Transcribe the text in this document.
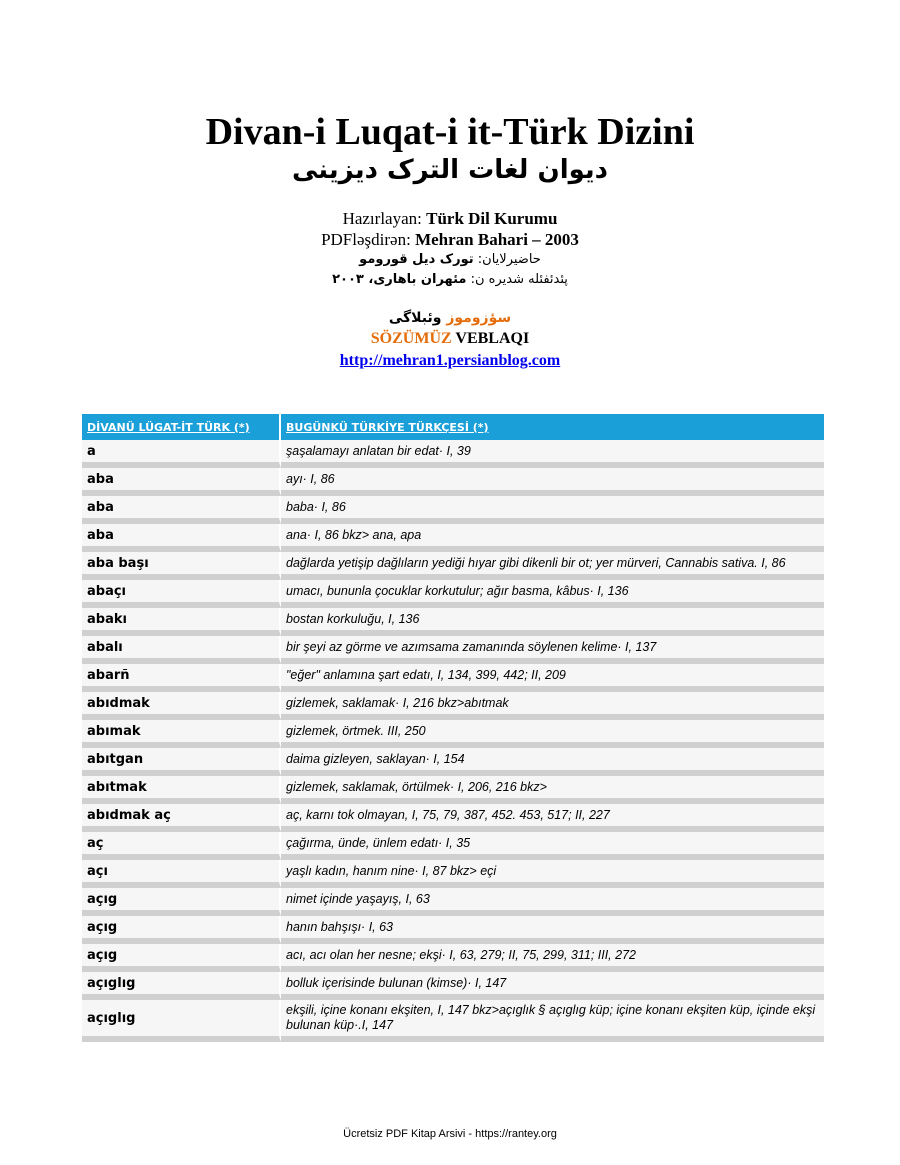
Divan-i Luqat-i it-Türk Dizini
دیوان لغات الترک دیزینی
Hazırlayan: Türk Dil Kurumu
PDFləşdirən: Mehran Bahari – 2003
حاضیرلایان: تورک دیل قورومو
پئدئفئله شدیره ن: مئهران باهاری، ۲۰۰۳
سؤزوموز وئبلاگی
SÖZÜMÜZ VEBLAQI
http://mehran1.persianblog.com
DİVANÜ LÜGAT-İT TÜRK (*)	BUGÜNKÜ TÜRKİYE TÜRKÇESİ (*)
a	şaşalamayı anlatan bir edat· I, 39
aba	ayı· I, 86
aba	baba· I, 86
aba	ana· I, 86 bkz> ana, apa
aba başı	dağlarda yetişip dağlıların yediği hıyar gibi dikenli bir ot; yer mürveri, Cannabis sativa. I, 86
abaçı	umacı, bununla çocuklar korkutulur; ağır basma, kâbus· I, 136
abakı	bostan korkuluğu, I, 136
abalı	bir şeyi az görme ve azımsama zamanında söylenen kelime· I, 137
abarñ	"eğer" anlamına şart edatı, I, 134, 399, 442; II, 209
abıdmak	gizlemek, saklamak· I, 216 bkz>abıtmak
abımak	gizlemek, örtmek. III, 250
abıtgan	daima gizleyen, saklayan· I, 154
abıtmak	gizlemek, saklamak, örtülmek· I, 206, 216 bkz>
abıdmak aç	aç, karnı tok olmayan, I, 75, 79, 387, 452. 453, 517; II, 227
aç	çağırma, ünde, ünlem edatı· I, 35
açı	yaşlı kadın, hanım nine· I, 87 bkz> eçi
açıg	nimet içinde yaşayış, I, 63
açıg	hanın bahşışı· I, 63
açıg	acı, acı olan her nesne; ekşi· I, 63, 279; II, 75, 299, 311; III, 272
açıglıg	bolluk içerisinde bulunan (kimse)· I, 147
açıglıg	ekşili, içine konanı ekşiten, I, 147 bkz>açıglık § açıglıg küp; içine konanı ekşiten küp, içinde ekşi bulunan küp·.I, 147
Ücretsiz PDF Kitap Arsivi - https://rantey.org
